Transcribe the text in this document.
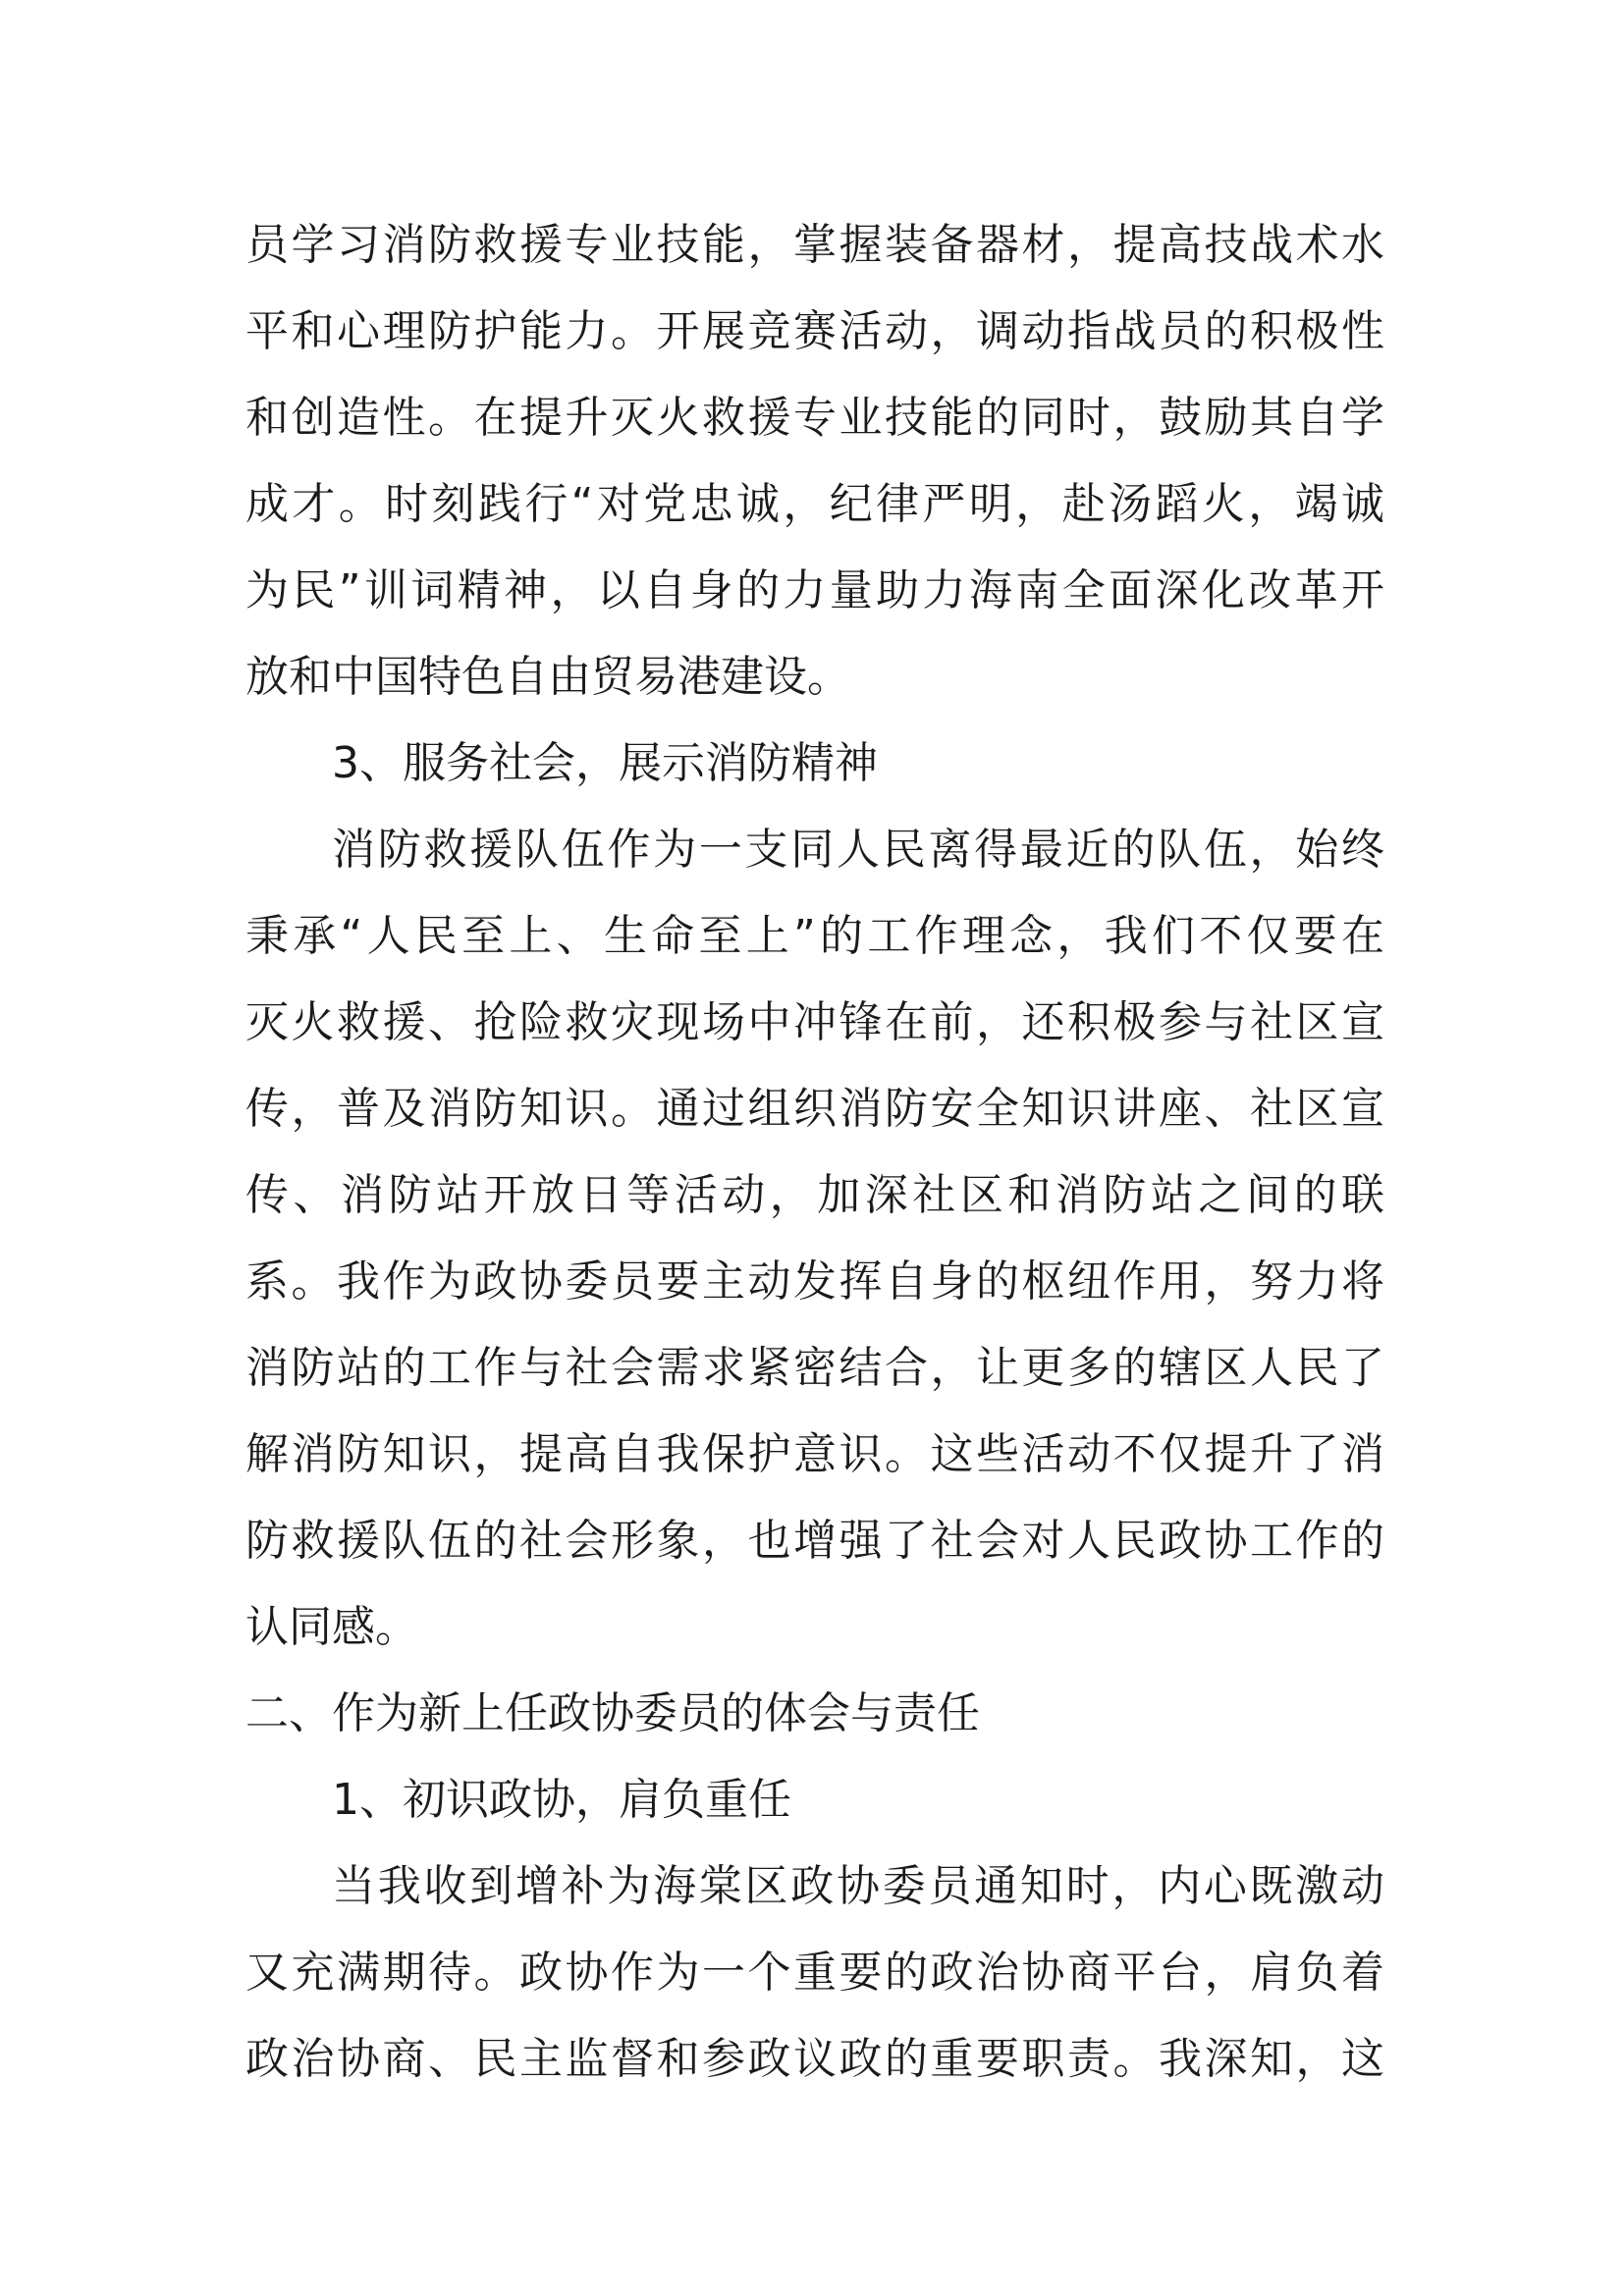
员学习消防救援专业技能，掌握装备器材，提高技战术水
平和心理防护能力。开展竞赛活动，调动指战员的积极性
和创造性。在提升灭火救援专业技能的同时，鼓励其自学
成才。时刻践行“对党忠诚，纪律严明，赴汤蹈火，竭诚
为民”训词精神，以自身的力量助力海南全面深化改革开
放和中国特色自由贸易港建设。
3、服务社会，展示消防精神
消防救援队伍作为一支同人民离得最近的队伍，始终
秉承“人民至上、生命至上”的工作理念，我们不仅要在
灭火救援、抢险救灾现场中冲锋在前，还积极参与社区宣
传，普及消防知识。通过组织消防安全知识讲座、社区宣
传、消防站开放日等活动，加深社区和消防站之间的联
系。我作为政协委员要主动发挥自身的枢纽作用，努力将
消防站的工作与社会需求紧密结合，让更多的辖区人民了
解消防知识，提高自我保护意识。这些活动不仅提升了消
防救援队伍的社会形象，也增强了社会对人民政协工作的
认同感。
二、作为新上任政协委员的体会与责任
1、初识政协，肩负重任
当我收到增补为海棠区政协委员通知时，内心既激动
又充满期待。政协作为一个重要的政治协商平台，肩负着
政治协商、民主监督和参政议政的重要职责。我深知，这
